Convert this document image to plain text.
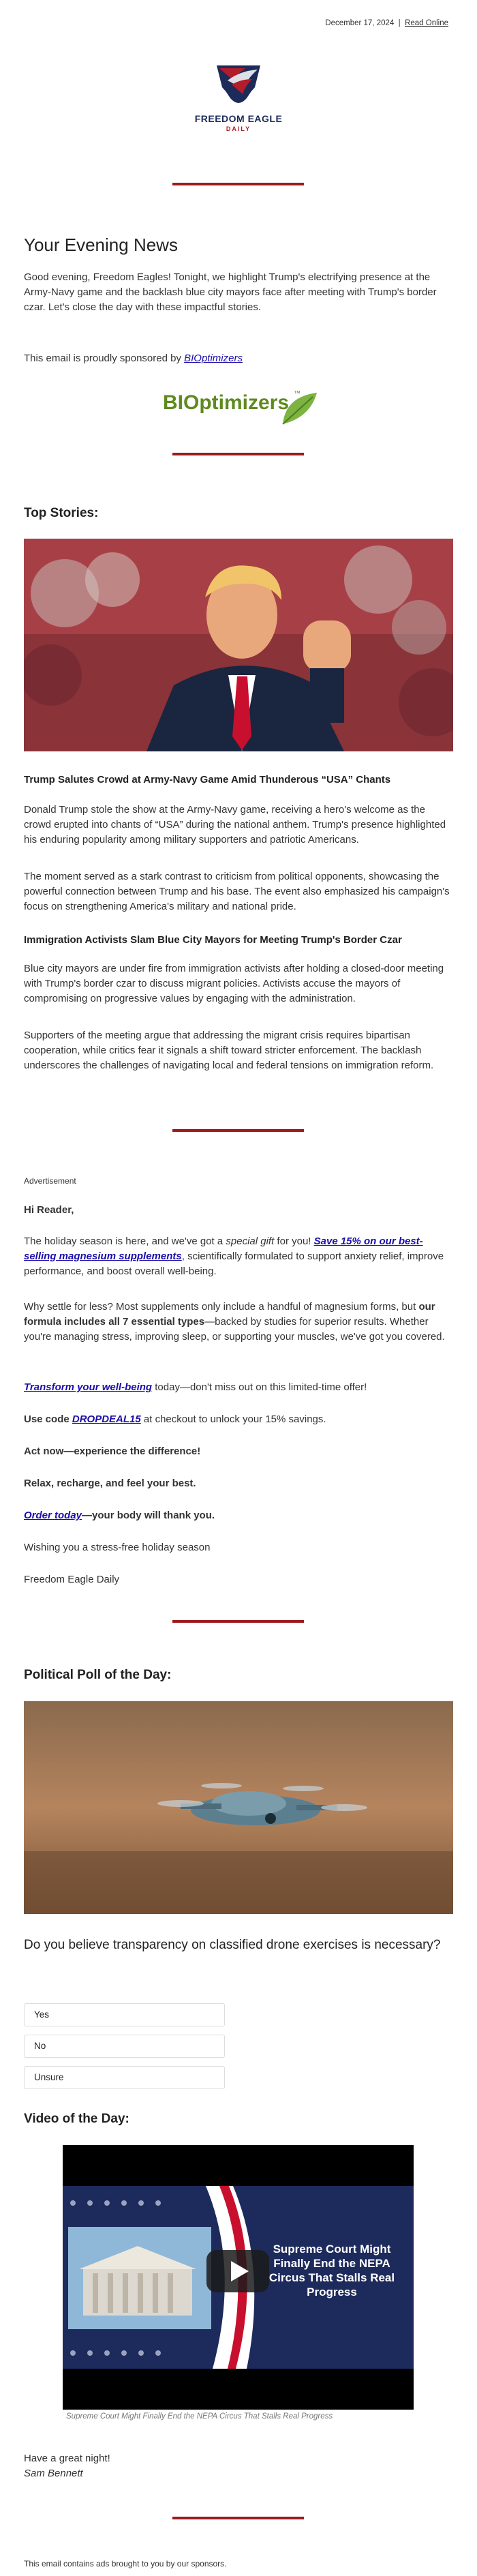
December 17, 2024 | Read Online
FREEDOM EAGLE
DAILY
Your Evening News
Good evening, Freedom Eagles! Tonight, we highlight Trump's electrifying presence at the Army-Navy game and the backlash blue city mayors face after meeting with Trump's border czar. Let's close the day with these impactful stories.
This email is proudly sponsored by BIOptimizers
BIOptimizers ™
Top Stories:
Trump Salutes Crowd at Army-Navy Game Amid Thunderous “USA” Chants
Donald Trump stole the show at the Army-Navy game, receiving a hero's welcome as the crowd erupted into chants of “USA” during the national anthem. Trump's presence highlighted his enduring popularity among military supporters and patriotic Americans.
The moment served as a stark contrast to criticism from political opponents, showcasing the powerful connection between Trump and his base. The event also emphasized his campaign's focus on strengthening America's military and national pride.
Immigration Activists Slam Blue City Mayors for Meeting Trump's Border Czar
Blue city mayors are under fire from immigration activists after holding a closed-door meeting with Trump's border czar to discuss migrant policies. Activists accuse the mayors of compromising on progressive values by engaging with the administration.
Supporters of the meeting argue that addressing the migrant crisis requires bipartisan cooperation, while critics fear it signals a shift toward stricter enforcement. The backlash underscores the challenges of navigating local and federal tensions on immigration reform.
Advertisement
Hi Reader,
The holiday season is here, and we've got a special gift for you! Save 15% on our best-selling magnesium supplements, scientifically formulated to support anxiety relief, improve performance, and boost overall well-being.
Why settle for less? Most supplements only include a handful of magnesium forms, but our formula includes all 7 essential types—backed by studies for superior results. Whether you're managing stress, improving sleep, or supporting your muscles, we've got you covered.
Transform your well-being today—don't miss out on this limited-time offer!
Use code DROPDEAL15 at checkout to unlock your 15% savings.
Act now—experience the difference!
Relax, recharge, and feel your best.
Order today—your body will thank you.
Wishing you a stress-free holiday season
Freedom Eagle Daily
Political Poll of the Day:
Do you believe transparency on classified drone exercises is necessary?
Yes
No
Unsure
Video of the Day:
Supreme Court Might Finally End the NEPA Circus That Stalls Real Progress
Supreme Court Might Finally End the NEPA Circus That Stalls Real Progress
Have a great night!
Sam Bennett
This email contains ads brought to you by our sponsors.
